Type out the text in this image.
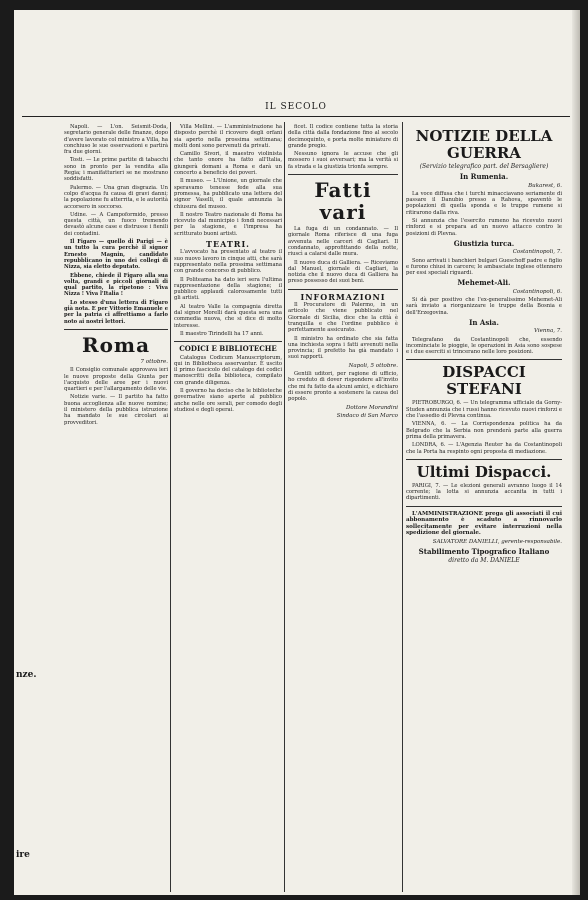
nze.
ire
IL SECOLO

Napoli. — L'on. Seismit-Doda, segretario generale delle finanze, dopo d'avere lavorato col ministro a Villa, ha conchiuso le sue osservazioni e partirà fra due giorni.

Tosti. — Le prime partite di tabacchi sono in pronto per la vendita alla Regia; i manifatturieri se ne mostrano soddisfatti.

Palermo. — Una gran disgrazia. Un colpo d'acqua fu causa di gravi danni; la popolazione fu atterrita, e le autorità accorsero in soccorso.

Udine. — A Campoformido, presso questa città, un fuoco tremendo devastò alcune case e distrusse i fienili dei contadini.

Il Figaro — quello di Parigi — è un tutto la cura perchè il signor Ernesto Magnin, candidato repubblicano in uno dei collegi di Nizza, sia eletto deputato.

Ebbene, chiede il Figaro alla sua volta, grandi e piccoli giornali di qual partito, la ripetono : Viva Nizza ! Viva l'Italia !

Lo stesso d'una lettera di Figaro già nota. E per Vittorio Emanuele e per la patria ci affrettiamo a farlo noto ai nostri lettori.

Roma
7 ottobre.

Il Consiglio comunale approvava ieri le nuove proposte della Giunta per l'acquisto delle aree per i nuovi quartieri e per l'allargamento delle vie.

Notizie varie. — Il partito ha fatto buona accoglienza alle nuove nomine; il ministero della pubblica istruzione ha mandato le sue circolari ai provveditori.

Villa Mellini. — L'amministrazione ha disposto perchè il ricovero degli orfani sia aperto nella prossima settimana; molti doni sono pervenuti da privati.

Camillo Sivori, il maestro violinista che tanto onore ha fatto all'Italia, giungerà domani a Roma e darà un concerto a beneficio dei poveri.

Il museo. — L'Unione, un giornale che speravamo tenesse fede alla sua promessa, ha pubblicato una lettera del signor Vaselli, il quale annunzia la chiusura del museo.

Il nostro Teatro nazionale di Roma ha ricevuto dal municipio i fondi necessari per la stagione, e l'impresa ha scritturato buoni artisti.

TEATRI.

L'avvocato ha presentato al teatro il suo nuovo lavoro in cinque atti, che sarà rappresentato nella prossima settimana con grande concorso di pubblico.

Il Politeama ha dato ieri sera l'ultima rappresentazione della stagione; il pubblico applaudì calorosamente tutti gli artisti.

Al teatro Valle la compagnia diretta dal signor Morelli darà questa sera una commedia nuova, che si dice di molto interesse.

Il maestro Tirindelli ha 17 anni.

CODICI E BIBLIOTECHE

Catalogus Codicum Manuscriptorum, qui in Bibliotheca asservantur. È uscito il primo fascicolo del catalogo dei codici manoscritti della biblioteca, compilato con grande diligenza.

Il governo ha deciso che le biblioteche governative siano aperte al pubblico anche nelle ore serali, per comodo degli studiosi e degli operai.

ficet. Il codice contiene tutta la storia della città dalla fondazione fino al secolo decimoquinto, e porta molte miniature di grande pregio.

Nessuno ignora le accuse che gli mossero i suoi avversari; ma la verità si fa strada e la giustizia trionfa sempre.

Fatti vari

La fuga di un condannato. — Il giornale Roma riferisce di una fuga avvenuta nelle carceri di Cagliari. Il condannato, approfittando della notte, riuscì a calarsi dalle mura.

Il nuovo duca di Galliera. — Riceviamo dal Manuel, giornale di Cagliari, la notizia che il nuovo duca di Galliera ha preso possesso dei suoi beni.

INFORMAZIONI

Il Procuratore di Palermo, in un articolo che viene pubblicato nel Giornale di Sicilia, dice che la città è tranquilla e che l'ordine pubblico è perfettamente assicurato.

Il ministro ha ordinato che sia fatta una inchiesta sopra i fatti avvenuti nella provincia; il prefetto ha già mandato i suoi rapporti.

Napoli, 5 ottobre.

Gentili uditori, per ragione di ufficio, ho creduto di dover rispondere all'invito che mi fu fatto da alcuni amici, e dichiaro di essere pronto a sostenere la causa del popolo.

Dottore Morandini
Sindaco di San Marco
NOTIZIE DELLA GUERRA
(Servizio telegrafico part. del Bersagliere)
In Rumenia.
Bukarest, 6.

La voce diffusa che i turchi minacciavano seriamente di passare il Danubio presso a Rahova, spaventò le popolazioni di quella sponda e le truppe rumene si ritirarono dalla riva.

Si annunzia che l'esercito rumeno ha ricevuto nuovi rinforzi e si prepara ad un nuovo attacco contro le posizioni di Plevna.

Giustizia turca.
Costantinopoli, 7.

Sono arrivati i banchieri bulgari Gueschoff padre e figlio e furono chiusi in carcere; le ambasciate inglese ottennero per essi speciali riguardi.

Mehemet-Ali.
Costantinopoli, 6.

Si dà per positivo che l'ex-generalissimo Mehemet-Ali sarà inviato a riorganizzare le truppe della Bosnia e dell'Erzegovina.

In Asia.
Vienna, 7.

Telegrafano da Costantinopoli che, essendo incominciate le pioggie, le operazioni in Asia sono sospese e i due eserciti si trincerano nelle loro posizioni.

DISPACCI STEFANI

PIETROBURGO, 6. — Un telegramma ufficiale da Gorny-Studen annunzia che i russi hanno ricevuto nuovi rinforzi e che l'assedio di Plevna continua.

VIENNA, 6. — La Corrispondenza politica ha da Belgrado che la Serbia non prenderà parte alla guerra prima della primavera.

LONDRA, 6. — L'Agenzia Reuter ha da Costantinopoli che la Porta ha respinto ogni proposta di mediazione.

Ultimi Dispacci.

PARIGI, 7. — Le elezioni generali avranno luogo il 14 corrente; la lotta si annunzia accanita in tutti i dipartimenti.

L'AMMINISTRAZIONE prega gli associati il cui abbonamento è scaduto a rinnovarlo sollecitamente per evitare interruzioni nella spedizione del giornale.

SALVATORE DANIELLI, gerente-responsabile.
Stabilimento Tipografico Italiano
diretto da M. DANIELE
